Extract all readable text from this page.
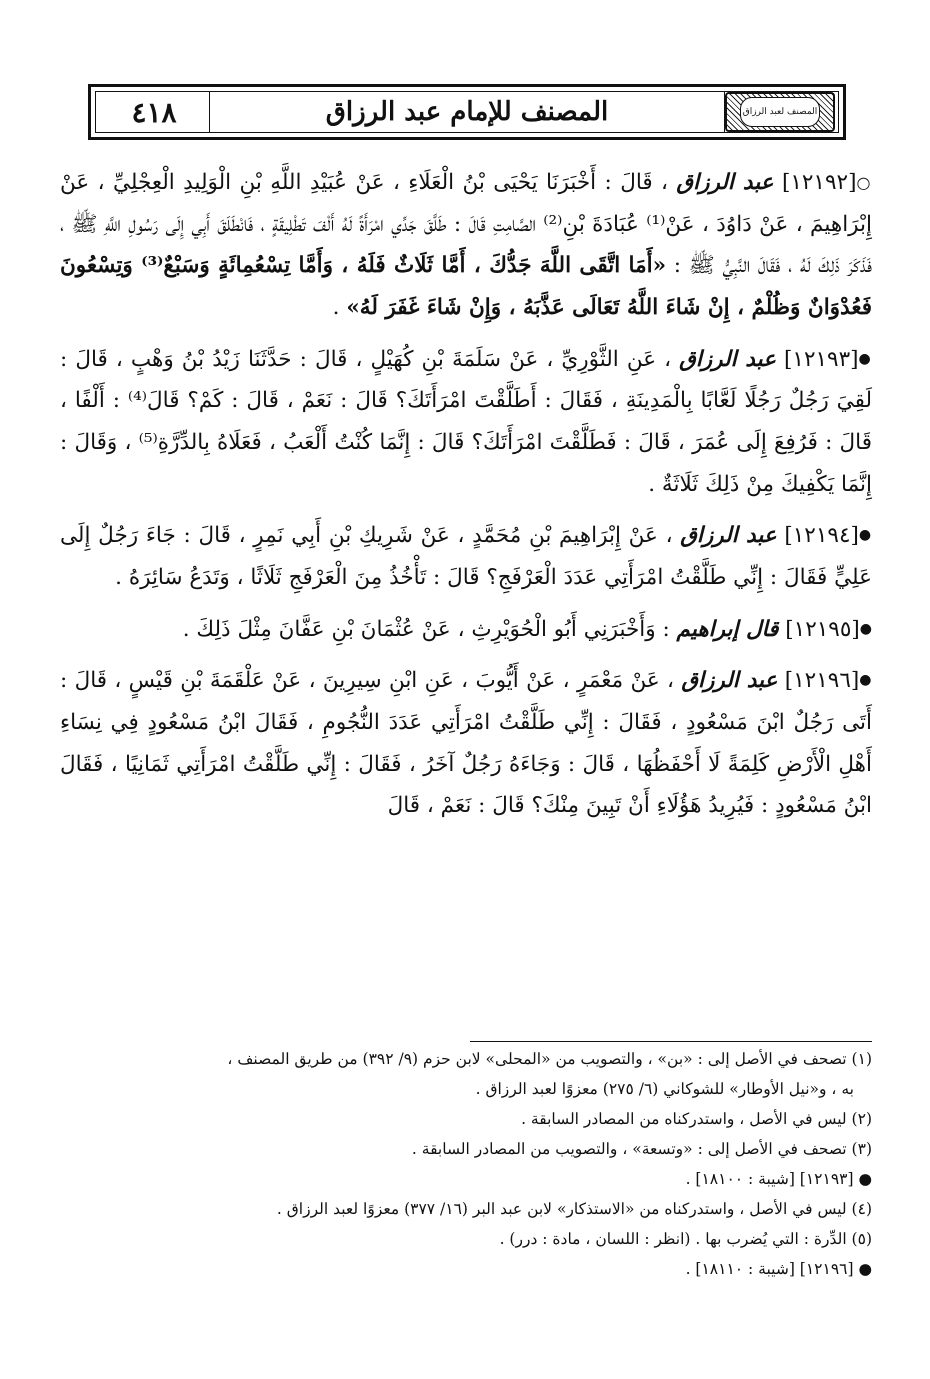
المصنف لعبد الرزاق
المصنف للإمام عبد الرزاق
٤١٨

○[١٢١٩٢] عبد الرزاق ، قَالَ : أَخْبَرَنَا يَحْيَى بْنُ الْعَلَاءِ ، عَنْ عُبَيْدِ اللَّهِ بْنِ الْوَلِيدِ الْعِجْلِيِّ ، عَنْ إِبْرَاهِيمَ ، عَنْ دَاوُدَ ، عَنْ⁽¹⁾ عُبَادَةَ بْنِ⁽²⁾ الصَّامِتِ قَالَ : طَلَّقَ جَدِّي امْرَأَةً لَهُ أَلْفَ تَطْلِيقَةٍ ، فَانْطَلَقَ أَبِي إِلَى رَسُولِ اللَّهِ ﷺ ، فَذَكَرَ ذَلِكَ لَهُ ، فَقَالَ النَّبِيُّ ﷺ : «أَمَا اتَّقَى اللَّهَ جَدُّكَ ، أَمَّا ثَلَاثٌ فَلَهُ ، وَأَمَّا تِسْعُمِائَةٍ وَسَبْعٌ⁽³⁾ وَتِسْعُونَ فَعُدْوَانٌ وَظُلْمٌ ، إِنْ شَاءَ اللَّهُ تَعَالَى عَذَّبَهُ ، وَإِنْ شَاءَ غَفَرَ لَهُ» .

●[١٢١٩٣] عبد الرزاق ، عَنِ الثَّوْرِيِّ ، عَنْ سَلَمَةَ بْنِ كُهَيْلٍ ، قَالَ : حَدَّثَنَا زَيْدُ بْنُ وَهْبٍ ، قَالَ : لَقِيَ رَجُلٌ رَجُلًا لَعَّابًا بِالْمَدِينَةِ ، فَقَالَ : أَطَلَّقْتَ امْرَأَتَكَ؟ قَالَ : نَعَمْ ، قَالَ : كَمْ؟ قَالَ⁽⁴⁾ : أَلْفًا ، قَالَ : فَرُفِعَ إِلَى عُمَرَ ، قَالَ : فَطَلَّقْتَ امْرَأَتَكَ؟ قَالَ : إِنَّمَا كُنْتُ أَلْعَبُ ، فَعَلَاهُ بِالدِّرَّةِ⁽⁵⁾ ، وَقَالَ : إِنَّمَا يَكْفِيكَ مِنْ ذَلِكَ ثَلَاثَةٌ .

●[١٢١٩٤] عبد الرزاق ، عَنْ إِبْرَاهِيمَ بْنِ مُحَمَّدٍ ، عَنْ شَرِيكِ بْنِ أَبِي نَمِرٍ ، قَالَ : جَاءَ رَجُلٌ إِلَى عَلِيٍّ فَقَالَ : إِنِّي طَلَّقْتُ امْرَأَتِي عَدَدَ الْعَرْفَجِ؟ قَالَ : تَأْخُذُ مِنَ الْعَرْفَجِ ثَلَاثًا ، وَتَدَعُ سَائِرَهُ .

●[١٢١٩٥] قال إبراهيم : وَأَخْبَرَنِي أَبُو الْحُوَيْرِثِ ، عَنْ عُثْمَانَ بْنِ عَفَّانَ مِثْلَ ذَلِكَ .

●[١٢١٩٦] عبد الرزاق ، عَنْ مَعْمَرٍ ، عَنْ أَيُّوبَ ، عَنِ ابْنِ سِيرِينَ ، عَنْ عَلْقَمَةَ بْنِ قَيْسٍ ، قَالَ : أَتَى رَجُلٌ ابْنَ مَسْعُودٍ ، فَقَالَ : إِنِّي طَلَّقْتُ امْرَأَتِي عَدَدَ النُّجُومِ ، فَقَالَ ابْنُ مَسْعُودٍ فِي نِسَاءِ أَهْلِ الْأَرْضِ كَلِمَةً لَا أَحْفَظُهَا ، قَالَ : وَجَاءَهُ رَجُلٌ آخَرُ ، فَقَالَ : إِنِّي طَلَّقْتُ امْرَأَتِي ثَمَانِيًا ، فَقَالَ ابْنُ مَسْعُودٍ : فَيُرِيدُ هَؤُلَاءِ أَنْ تَبِينَ مِنْكَ؟ قَالَ : نَعَمْ ، قَالَ

(١) تصحف في الأصل إلى : «بن» ، والتصويب من «المحلى» لابن حزم (٩/ ٣٩٢) من طريق المصنف ،

به ، و«نيل الأوطار» للشوكاني (٦/ ٢٧٥) معزوًا لعبد الرزاق .

(٢) ليس في الأصل ، واستدركناه من المصادر السابقة .

(٣) تصحف في الأصل إلى : «وتسعة» ، والتصويب من المصادر السابقة .

● [١٢١٩٣] [شيبة : ١٨١٠٠] .

(٤) ليس في الأصل ، واستدركناه من «الاستذكار» لابن عبد البر (١٦/ ٣٧٧) معزوًا لعبد الرزاق .

(٥) الدِّرة : التي يُضرب بها . (انظر : اللسان ، مادة : درر) .

● [١٢١٩٦] [شيبة : ١٨١١٠] .
